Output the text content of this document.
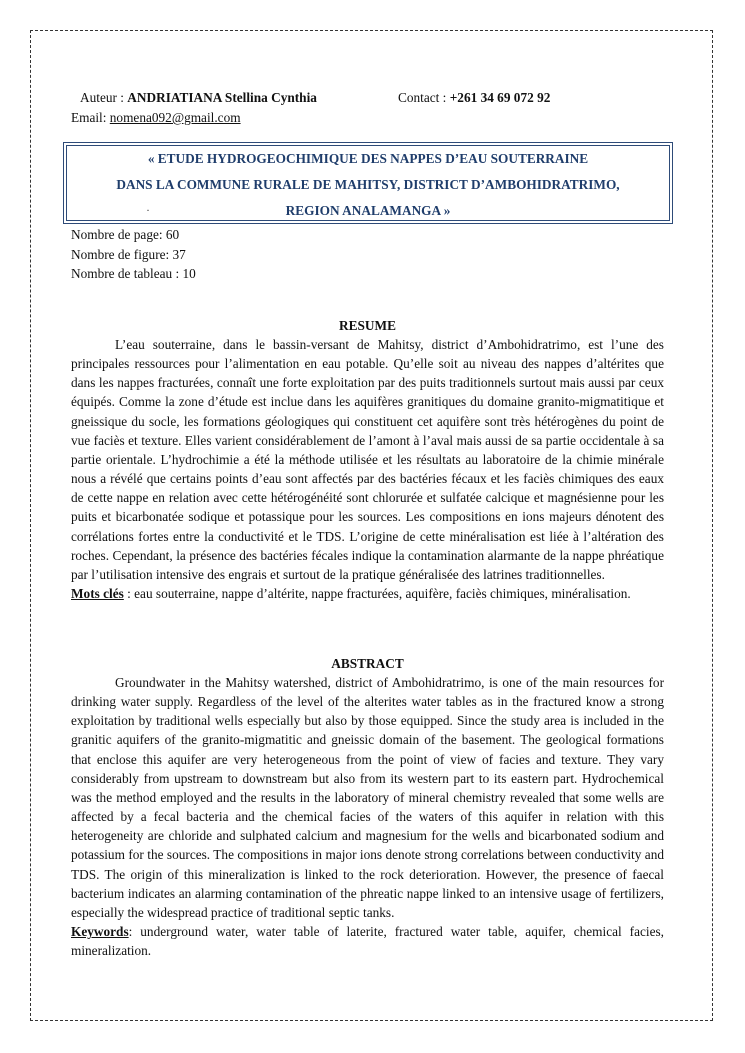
Auteur : ANDRIATIANA Stellina Cynthia	Contact : +261 34 69 072 92
Email: nomena092@gmail.com
« ETUDE HYDROGEOCHIMIQUE DES NAPPES D’EAU SOUTERRAINE
DANS LA COMMUNE RURALE DE MAHITSY, DISTRICT D’AMBOHIDRATRIMO,
REGION ANALAMANGA »
.
Nombre de page: 60
Nombre de figure: 37
Nombre de tableau : 10
RESUME

L’eau souterraine, dans le bassin-versant de Mahitsy, district d’Ambohidratrimo, est l’une des principales ressources pour l’alimentation en eau potable. Qu’elle soit au niveau des nappes d’altérites que dans les nappes fracturées, connaît une forte exploitation par des puits traditionnels surtout mais aussi par ceux équipés. Comme la zone d’étude est inclue dans les aquifères granitiques du domaine granito-migmatitique et gneissique du socle, les formations géologiques qui constituent cet aquifère sont très hétérogènes du point de vue faciès et texture. Elles varient considérablement de l’amont à l’aval mais aussi de sa partie occidentale à sa partie orientale. L’hydrochimie a été la méthode utilisée et les résultats au laboratoire de la chimie minérale nous a révélé que certains points d’eau sont affectés par des bactéries fécaux et les faciès chimiques des eaux de cette nappe en relation avec cette hétérogénéité sont chlorurée et sulfatée calcique et magnésienne pour les puits et bicarbonatée sodique et potassique pour les sources. Les compositions en ions majeurs dénotent des corrélations fortes entre la conductivité et le TDS. L’origine de cette minéralisation est liée à l’altération des roches. Cependant, la présence des bactéries fécales indique la contamination alarmante de la nappe phréatique par l’utilisation intensive des engrais et surtout de la pratique généralisée des latrines traditionnelles.

Mots clés : eau souterraine, nappe d’altérite, nappe fracturées, aquifère, faciès chimiques, minéralisation.

ABSTRACT

Groundwater in the Mahitsy watershed, district of Ambohidratrimo, is one of the main resources for drinking water supply. Regardless of the level of the alterites water tables as in the fractured know a strong exploitation by traditional wells especially but also by those equipped. Since the study area is included in the granitic aquifers of the granito-migmatitic and gneissic domain of the basement. The geological formations that enclose this aquifer are very heterogeneous from the point of view of facies and texture. They vary considerably from upstream to downstream but also from its western part to its eastern part. Hydrochemical was the method employed and the results in the laboratory of mineral chemistry revealed that some wells are affected by a fecal bacteria and the chemical facies of the waters of this aquifer in relation with this heterogeneity are chloride and sulphated calcium and magnesium for the wells and bicarbonated sodium and potassium for the sources. The compositions in major ions denote strong correlations between conductivity and TDS. The origin of this mineralization is linked to the rock deterioration. However, the presence of faecal bacterium indicates an alarming contamination of the phreatic nappe linked to an intensive usage of fertilizers, especially the widespread practice of traditional septic tanks.

Keywords: underground water, water table of laterite, fractured water table, aquifer, chemical facies, mineralization.
